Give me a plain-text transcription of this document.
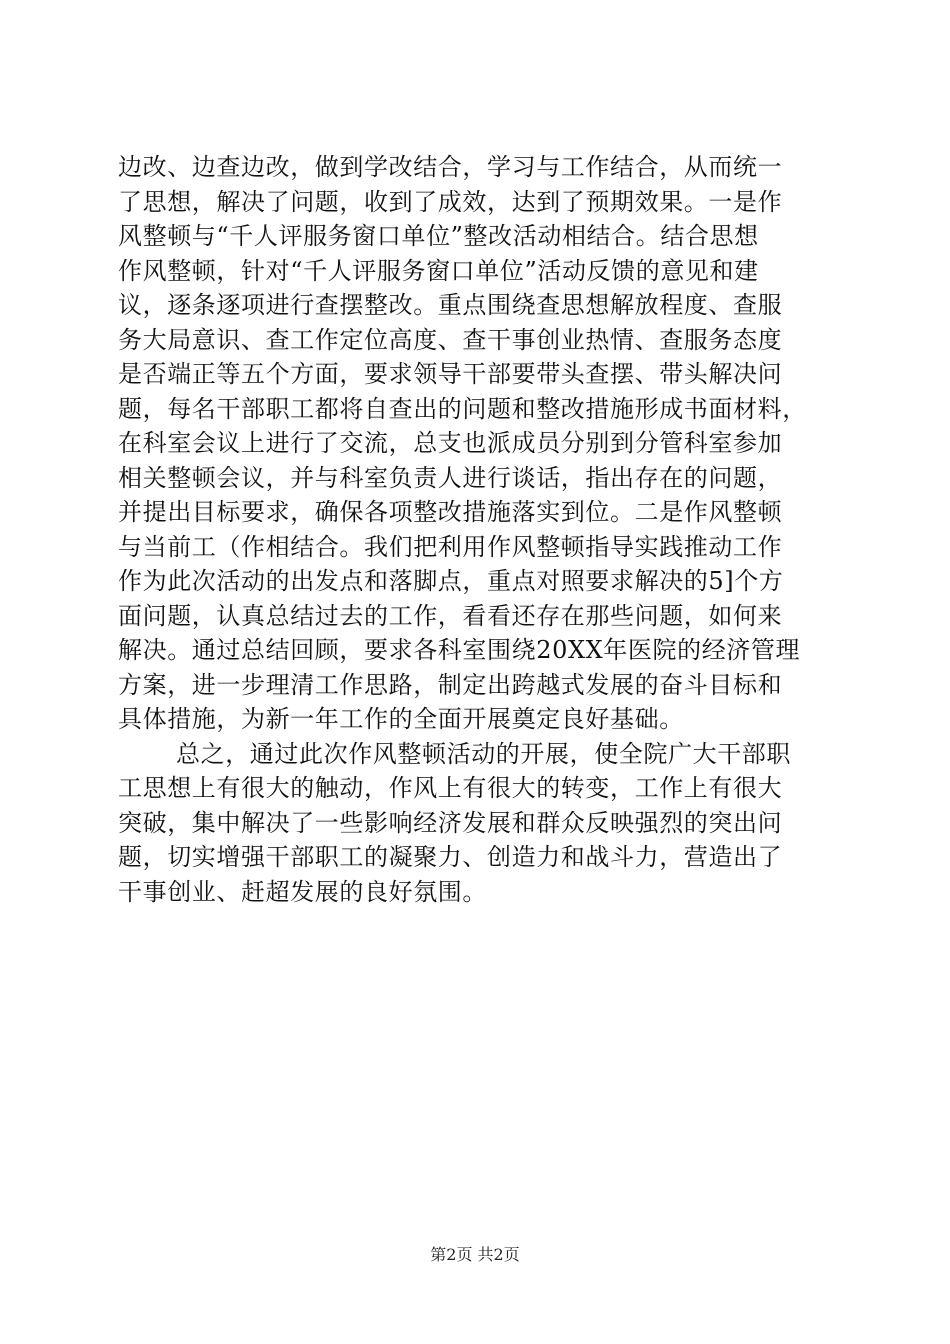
边改、边查边改，做到学改结合，学习与工作结合，从而统一
了思想，解决了问题，收到了成效，达到了预期效果。一是作
风整顿与“千人评服务窗口单位”整改活动相结合。结合思想
作风整顿，针对“千人评服务窗口单位”活动反馈的意见和建
议，逐条逐项进行查摆整改。重点围绕查思想解放程度、查服
务大局意识、查工作定位高度、查干事创业热情、查服务态度
是否端正等五个方面，要求领导干部要带头查摆、带头解决问
题，每名干部职工都将自查出的问题和整改措施形成书面材料，
在科室会议上进行了交流，总支也派成员分别到分管科室参加
相关整顿会议，并与科室负责人进行谈话，指出存在的问题，
并提出目标要求，确保各项整改措施落实到位。二是作风整顿
与当前工（作相结合。我们把利用作风整顿指导实践推动工作
作为此次活动的出发点和落脚点，重点对照要求解决的5]个方
面问题，认真总结过去的工作，看看还存在那些问题，如何来
解决。通过总结回顾，要求各科室围绕20XX年医院的经济管理
方案，进一步理清工作思路，制定出跨越式发展的奋斗目标和
具体措施，为新一年工作的全面开展奠定良好基础。
总之，通过此次作风整顿活动的开展，使全院广大干部职
工思想上有很大的触动，作风上有很大的转变，工作上有很大
突破，集中解决了一些影响经济发展和群众反映强烈的突出问
题，切实增强干部职工的凝聚力、创造力和战斗力，营造出了
干事创业、赶超发展的良好氛围。
第2页 共2页
